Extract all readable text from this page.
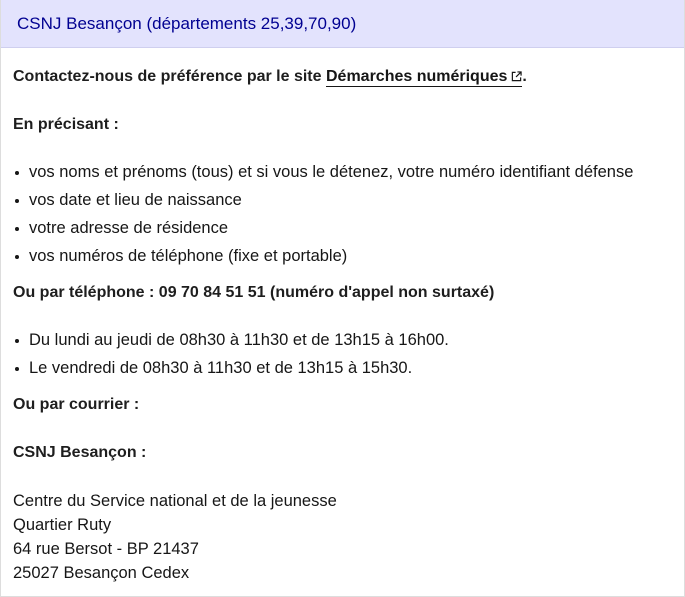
CSNJ Besançon (départements 25,39,70,90)

Contactez-nous de préférence par le site Démarches numériques .

En précisant :

vos noms et prénoms (tous) et si vous le détenez, votre numéro identifiant défense
vos date et lieu de naissance
votre adresse de résidence
vos numéros de téléphone (fixe et portable)

Ou par téléphone : 09 70 84 51 51 (numéro d'appel non surtaxé)

Du lundi au jeudi de 08h30 à 11h30 et de 13h15 à 16h00.
Le vendredi de 08h30 à 11h30 et de 13h15 à 15h30.

Ou par courrier :

CSNJ Besançon :

Centre du Service national et de la jeunesse

Quartier Ruty

64 rue Bersot - BP 21437

25027 Besançon Cedex
